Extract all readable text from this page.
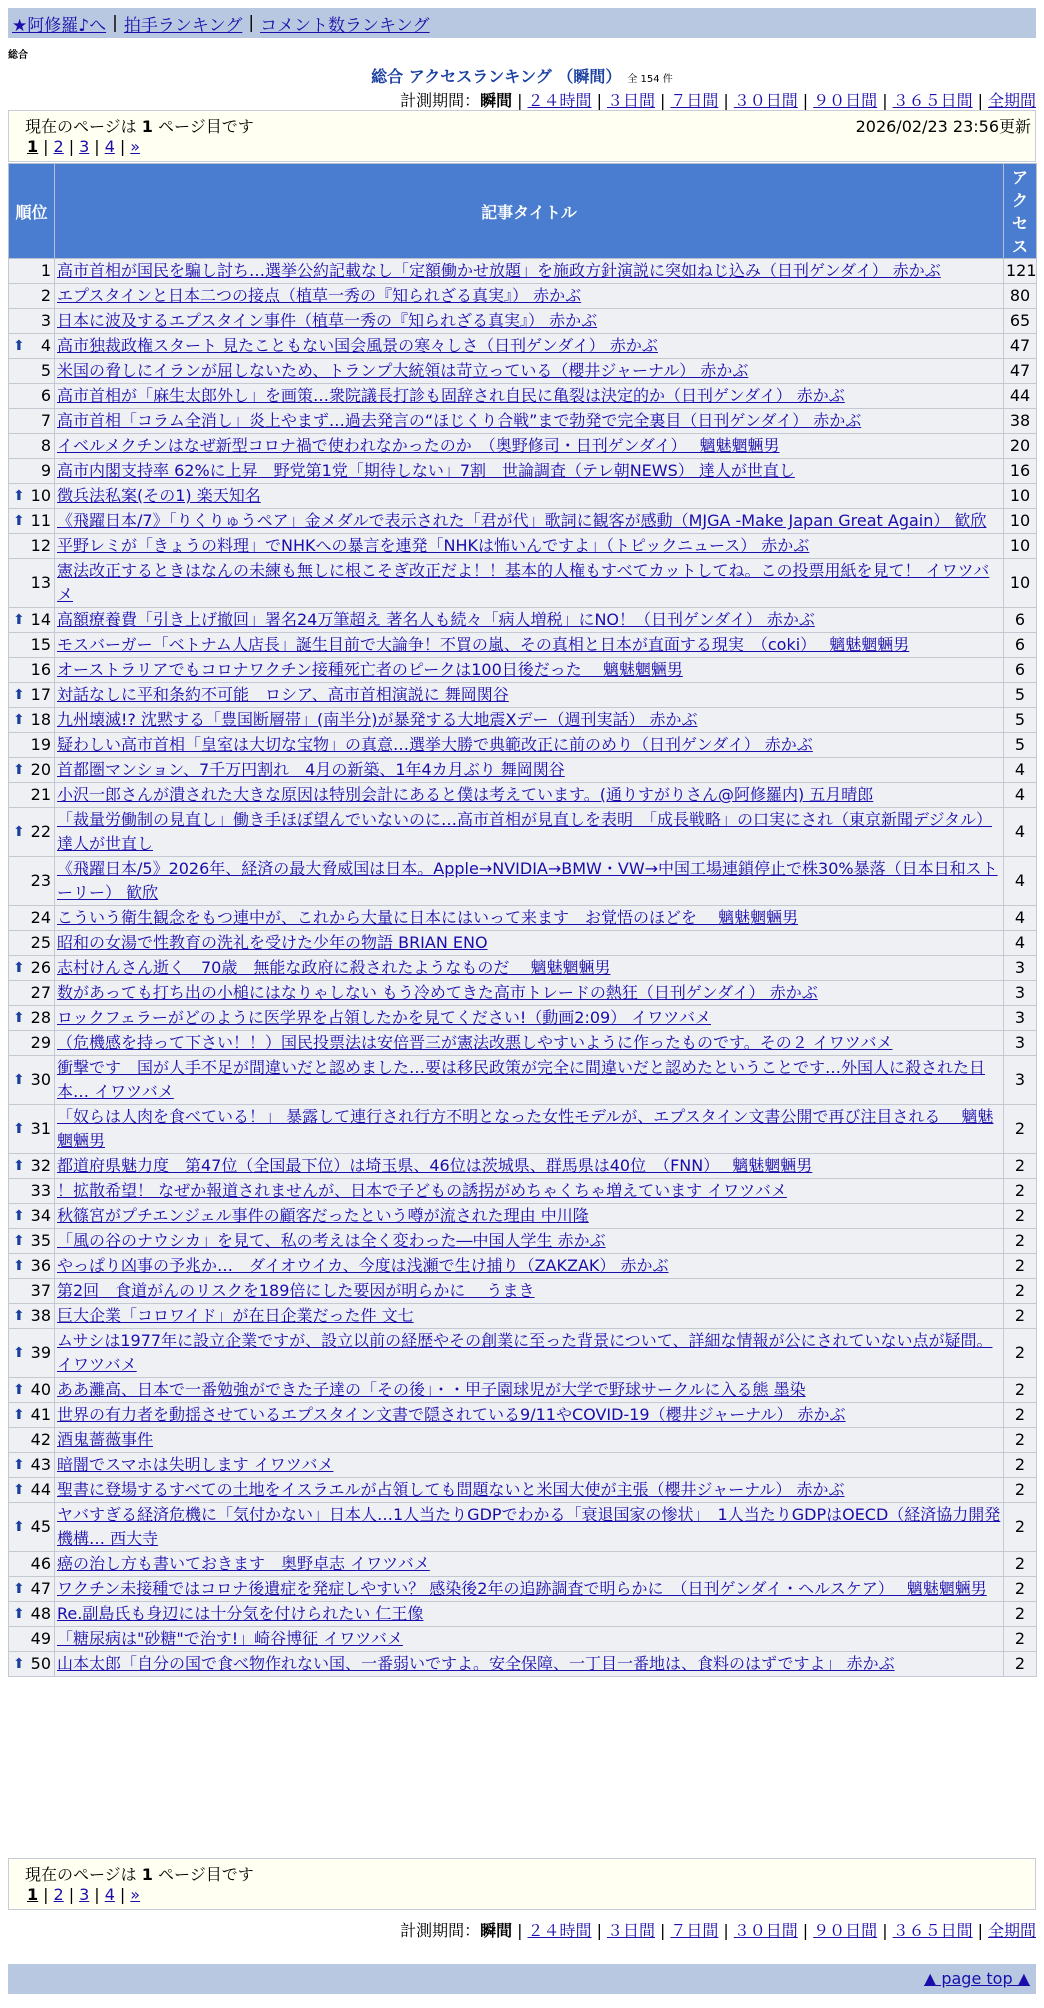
★阿修羅♪へ | 拍手ランキング | コメント数ランキング
総合
総合 アクセスランキング （瞬間） 全 154 件
計測期間：瞬間 | ２４時間 | ３日間 | ７日間 | ３０日間 | ９０日間 | ３６５日間 | 全期間
現在のページは 1 ページ目です	2026/02/23 23:56更新
1 | 2 | 3 | 4 | »
順位	記事タイトル	アクセス
1	高市首相が国民を騙し討ち…選挙公約記載なし「定額働かせ放題」を施政方針演説に突如ねじ込み（日刊ゲンダイ） 赤かぶ	121
2	エプスタインと日本二つの接点（植草一秀の『知られざる真実』） 赤かぶ	80
3	日本に波及するエプスタイン事件（植草一秀の『知られざる真実』） 赤かぶ	65

⬆ 4	高市独裁政権スタート 見たこともない国会風景の寒々しさ（日刊ゲンダイ） 赤かぶ	47
5	米国の脅しにイランが屈しないため、トランプ大統領は苛立っている（櫻井ジャーナル） 赤かぶ	47
6	高市首相が「麻生太郎外し」を画策…衆院議長打診も固辞され自民に亀裂は決定的か（日刊ゲンダイ） 赤かぶ	44
7	高市首相「コラム全消し」炎上やまず…過去発言の“ほじくり合戦”まで勃発で完全裏目（日刊ゲンダイ） 赤かぶ	38
8	イベルメクチンはなぜ新型コロナ禍で使われなかったのか　（奥野修司・日刊ゲンダイ）　 魑魅魍魎男	20
9	高市内閣支持率 62%に上昇　野党第1党「期待しない」7割　世論調査（テレ朝NEWS） 達人が世直し	16

⬆ 10	徴兵法私案(その1) 楽天知名	10

⬆ 11	《飛躍日本/7》「りくりゅうペア」金メダルで表示された「君が代」歌詞に観客が感動（MJGA -Make Japan Great Again） 歓欣	10
12	平野レミが「きょうの料理」でNHKへの暴言を連発「NHKは怖いんですよ」（トピックニュース） 赤かぶ	10
13	憲法改正するときはなんの未練も無しに根こそぎ改正だよ！！基本的人権もすべてカットしてね。この投票用紙を見て！ イワツバメ	10

⬆ 14	高額療養費「引き上げ撤回」署名24万筆超え 著名人も続々「病人増税」にNO！（日刊ゲンダイ） 赤かぶ	6
15	モスバーガー「ベトナム人店長」誕生目前で大論争！不買の嵐、その真相と日本が直面する現実　（coki）　 魑魅魍魎男	6
16	オーストラリアでもコロナワクチン接種死亡者のピークは100日後だった　 魑魅魍魎男	6

⬆ 17	対話なしに平和条約不可能　ロシア、高市首相演説に 舞岡関谷	5

⬆ 18	九州壊滅!? 沈黙する「豊国断層帯」(南半分)が暴発する大地震Xデー（週刊実話） 赤かぶ	5
19	疑わしい高市首相「皇室は大切な宝物」の真意…選挙大勝で典範改正に前のめり（日刊ゲンダイ） 赤かぶ	5

⬆ 20	首都圏マンション、7千万円割れ　4月の新築、1年4カ月ぶり 舞岡関谷	4
21	小沢一郎さんが潰された大きな原因は特別会計にあると僕は考えています。(通りすがりさん@阿修羅内) 五月晴郎	4

⬆ 22	「裁量労働制の見直し」働き手ほぼ望んでいないのに…高市首相が見直しを表明　「成長戦略」の口実にされ（東京新聞デジタル） 達人が世直し	4
23	《飛躍日本/5》2026年、経済の最大脅威国は日本。Apple→NVIDIA→BMW・VW→中国工場連鎖停止で株30%暴落（日本日和ストーリー） 歓欣	4
24	こういう衛生観念をもつ連中が、これから大量に日本にはいって来ます　お覚悟のほどを　 魑魅魍魎男	4
25	昭和の女湯で性教育の洗礼を受けた少年の物語 BRIAN ENO	4

⬆ 26	志村けんさん逝く　70歳　無能な政府に殺されたようなものだ　 魑魅魍魎男	3
27	数があっても打ち出の小槌にはなりゃしない もう冷めてきた高市トレードの熱狂（日刊ゲンダイ） 赤かぶ	3

⬆ 28	ロックフェラーがどのように医学界を占領したかを見てください!（動画2:09） イワツバメ	3
29	（危機感を持って下さい！！）国民投票法は安倍晋三が憲法改悪しやすいように作ったものです。その２ イワツバメ	3

⬆ 30	衝撃です　国が人手不足が間違いだと認めました…要は移民政策が完全に間違いだと認めたということです…外国人に殺された日本… イワツバメ	3

⬆ 31	「奴らは人肉を食べている！」 暴露して連行され行方不明となった女性モデルが、エプスタイン文書公開で再び注目される　 魑魅魍魎男	2

⬆ 32	都道府県魅力度　第47位（全国最下位）は埼玉県、46位は茨城県、群馬県は40位　（FNN）　 魑魅魍魎男	2
33	！拡散希望！ なぜか報道されませんが、日本で子どもの誘拐がめちゃくちゃ増えています イワツバメ	2

⬆ 34	秋篠宮がプチエンジェル事件の顧客だったという噂が流された理由 中川隆	2

⬆ 35	「風の谷のナウシカ」を見て、私の考えは全く変わった―中国人学生 赤かぶ	2

⬆ 36	やっぱり凶事の予兆か…　ダイオウイカ、今度は浅瀬で生け捕り（ZAKZAK） 赤かぶ	2
37	第2回　食道がんのリスクを189倍にした要因が明らかに　 うまき	2

⬆ 38	巨大企業「コロワイド」が在日企業だった件 文七	2

⬆ 39	ムサシは1977年に設立企業ですが、設立以前の経歴やその創業に至った背景について、詳細な情報が公にされていない点が疑問。 イワツバメ	2

⬆ 40	ああ灘高、日本で一番勉強ができた子達の「その後」・・甲子園球児が大学で野球サークルに入る態 墨染	2

⬆ 41	世界の有力者を動揺させているエプスタイン文書で隠されている9/11やCOVID-19（櫻井ジャーナル） 赤かぶ	2
42	酒鬼薔薇事件	2

⬆ 43	暗闇でスマホは失明します イワツバメ	2

⬆ 44	聖書に登場するすべての土地をイスラエルが占領しても問題ないと米国大使が主張（櫻井ジャーナル） 赤かぶ	2

⬆ 45	ヤバすぎる経済危機に「気付かない」日本人…1人当たりGDPでわかる「衰退国家の惨状」　1人当たりGDPはOECD（経済協力開発機構… 西大寺	2
46	癌の治し方も書いておきます　奥野卓志 イワツバメ	2

⬆ 47	ワクチン未接種ではコロナ後遺症を発症しやすい？ 感染後2年の追跡調査で明らかに　（日刊ゲンダイ・ヘルスケア）　 魑魅魍魎男	2

⬆ 48	Re.副島氏も身辺には十分気を付けられたい 仁王像	2
49	「糖尿病は"砂糖"で治す!」崎谷博征 イワツバメ	2

⬆ 50	山本太郎「自分の国で食べ物作れない国、一番弱いですよ。安全保障、一丁目一番地は、食料のはずですよ」 赤かぶ	2
現在のページは 1 ページ目です
1 | 2 | 3 | 4 | »
計測期間：瞬間 | ２４時間 | ３日間 | ７日間 | ３０日間 | ９０日間 | ３６５日間 | 全期間
▲ page top ▲
